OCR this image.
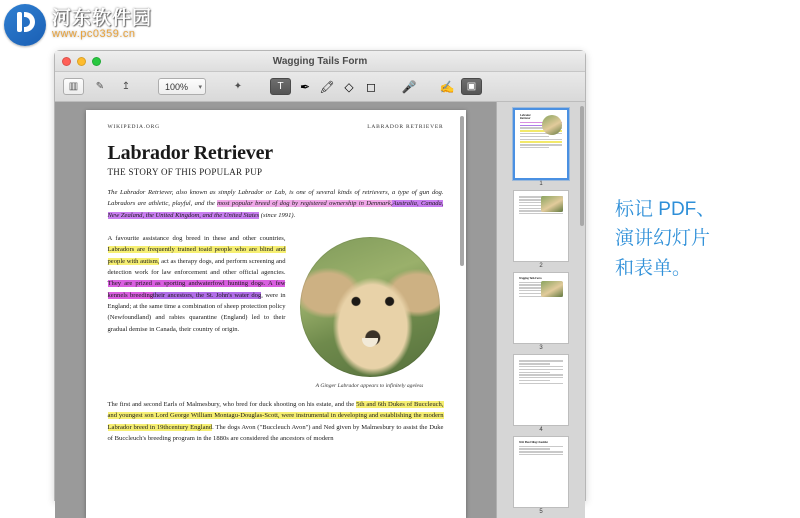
河东软件园
www.pc0359.cn
Wagging Tails Form
▥	✎	↥	100% ▾	✦	T	✒ 🖍 ◇ ◻ 🎤 ✍	▣
WIKIPEDIA.ORG	LABRADOR RETRIEVER
Labrador Retriever
THE STORY OF THIS POPULAR PUP

The Labrador Retriever, also known as simply Labrador or Lab, is one of several kinds of retrievers, a type of gun dog. Labradors are athletic, playful, and the most popular breed of dog by registered ownership in Denmark,Australia, Canada, New Zealand, the United Kingdom, and the United States (since 1991).

A favourite assistance dog breed in these and other countries, Labradors are frequently trained toaid people who are blind and people with autism, act as therapy dogs, and perform screening and detection work for law enforcement and other official agencies. They are prized as sporting andwaterfowl hunting dogs. A few kennels breedingtheir ancestors, the St. John's water dog, were in England; at the same time a combination of sheep protection policy (Newfoundland) and rabies quarantine (England) led to their gradual demise in Canada, their country of origin.
A Ginger Labrador appears to infinitely ageless

The first and second Earls of Malmesbury, who bred for duck shooting on his estate, and the 5th and 6th Dukes of Buccleuch, and youngest son Lord George William Montagu-Douglas-Scott, were instrumental in developing and establishing the modern Labrador breed in 19thcentury England. The dogs Avon ("Buccleuch Avon") and Ned given by Malmesbury to assist the Duke of Buccleuch's breeding program in the 1880s are considered the ancestors of modern

Labrador Retriever
1
2
Wagging Tails Form
3
4
Web Plan Filing Checklist
5
标记 PDF、
演讲幻灯片
和表单。
